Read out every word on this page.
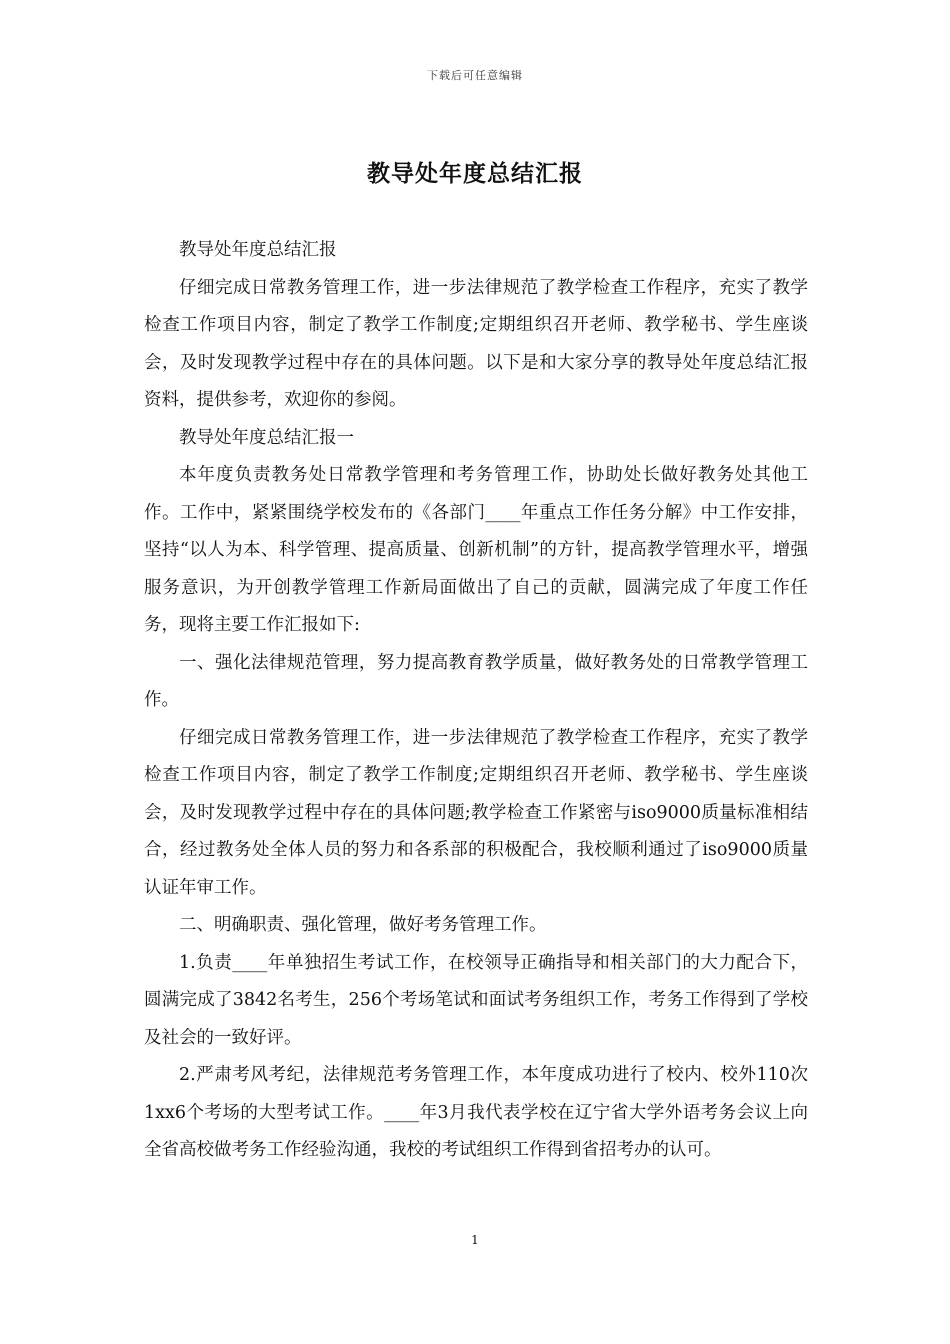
下载后可任意编辑
教导处年度总结汇报

教导处年度总结汇报

仔细完成日常教务管理工作，进一步法律规范了教学检查工作程序，充实了教学检查工作项目内容，制定了教学工作制度;定期组织召开老师、教学秘书、学生座谈会，及时发现教学过程中存在的具体问题。以下是和大家分享的教导处年度总结汇报资料，提供参考，欢迎你的参阅。

教导处年度总结汇报一

本年度负责教务处日常教学管理和考务管理工作，协助处长做好教务处其他工作。工作中，紧紧围绕学校发布的《各部门____年重点工作任务分解》中工作安排，坚持“以人为本、科学管理、提高质量、创新机制”的方针，提高教学管理水平，增强服务意识，为开创教学管理工作新局面做出了自己的贡献，圆满完成了年度工作任务，现将主要工作汇报如下:

一、强化法律规范管理，努力提高教育教学质量，做好教务处的日常教学管理工作。

仔细完成日常教务管理工作，进一步法律规范了教学检查工作程序，充实了教学检查工作项目内容，制定了教学工作制度;定期组织召开老师、教学秘书、学生座谈会，及时发现教学过程中存在的具体问题;教学检查工作紧密与iso9000质量标准相结合，经过教务处全体人员的努力和各系部的积极配合，我校顺利通过了iso9000质量认证年审工作。

二、明确职责、强化管理，做好考务管理工作。

1.负责____年单独招生考试工作，在校领导正确指导和相关部门的大力配合下，圆满完成了3842名考生，256个考场笔试和面试考务组织工作，考务工作得到了学校及社会的一致好评。

2.严肃考风考纪，法律规范考务管理工作，本年度成功进行了校内、校外110次1xx6个考场的大型考试工作。____年3月我代表学校在辽宁省大学外语考务会议上向全省高校做考务工作经验沟通，我校的考试组织工作得到省招考办的认可。

1
